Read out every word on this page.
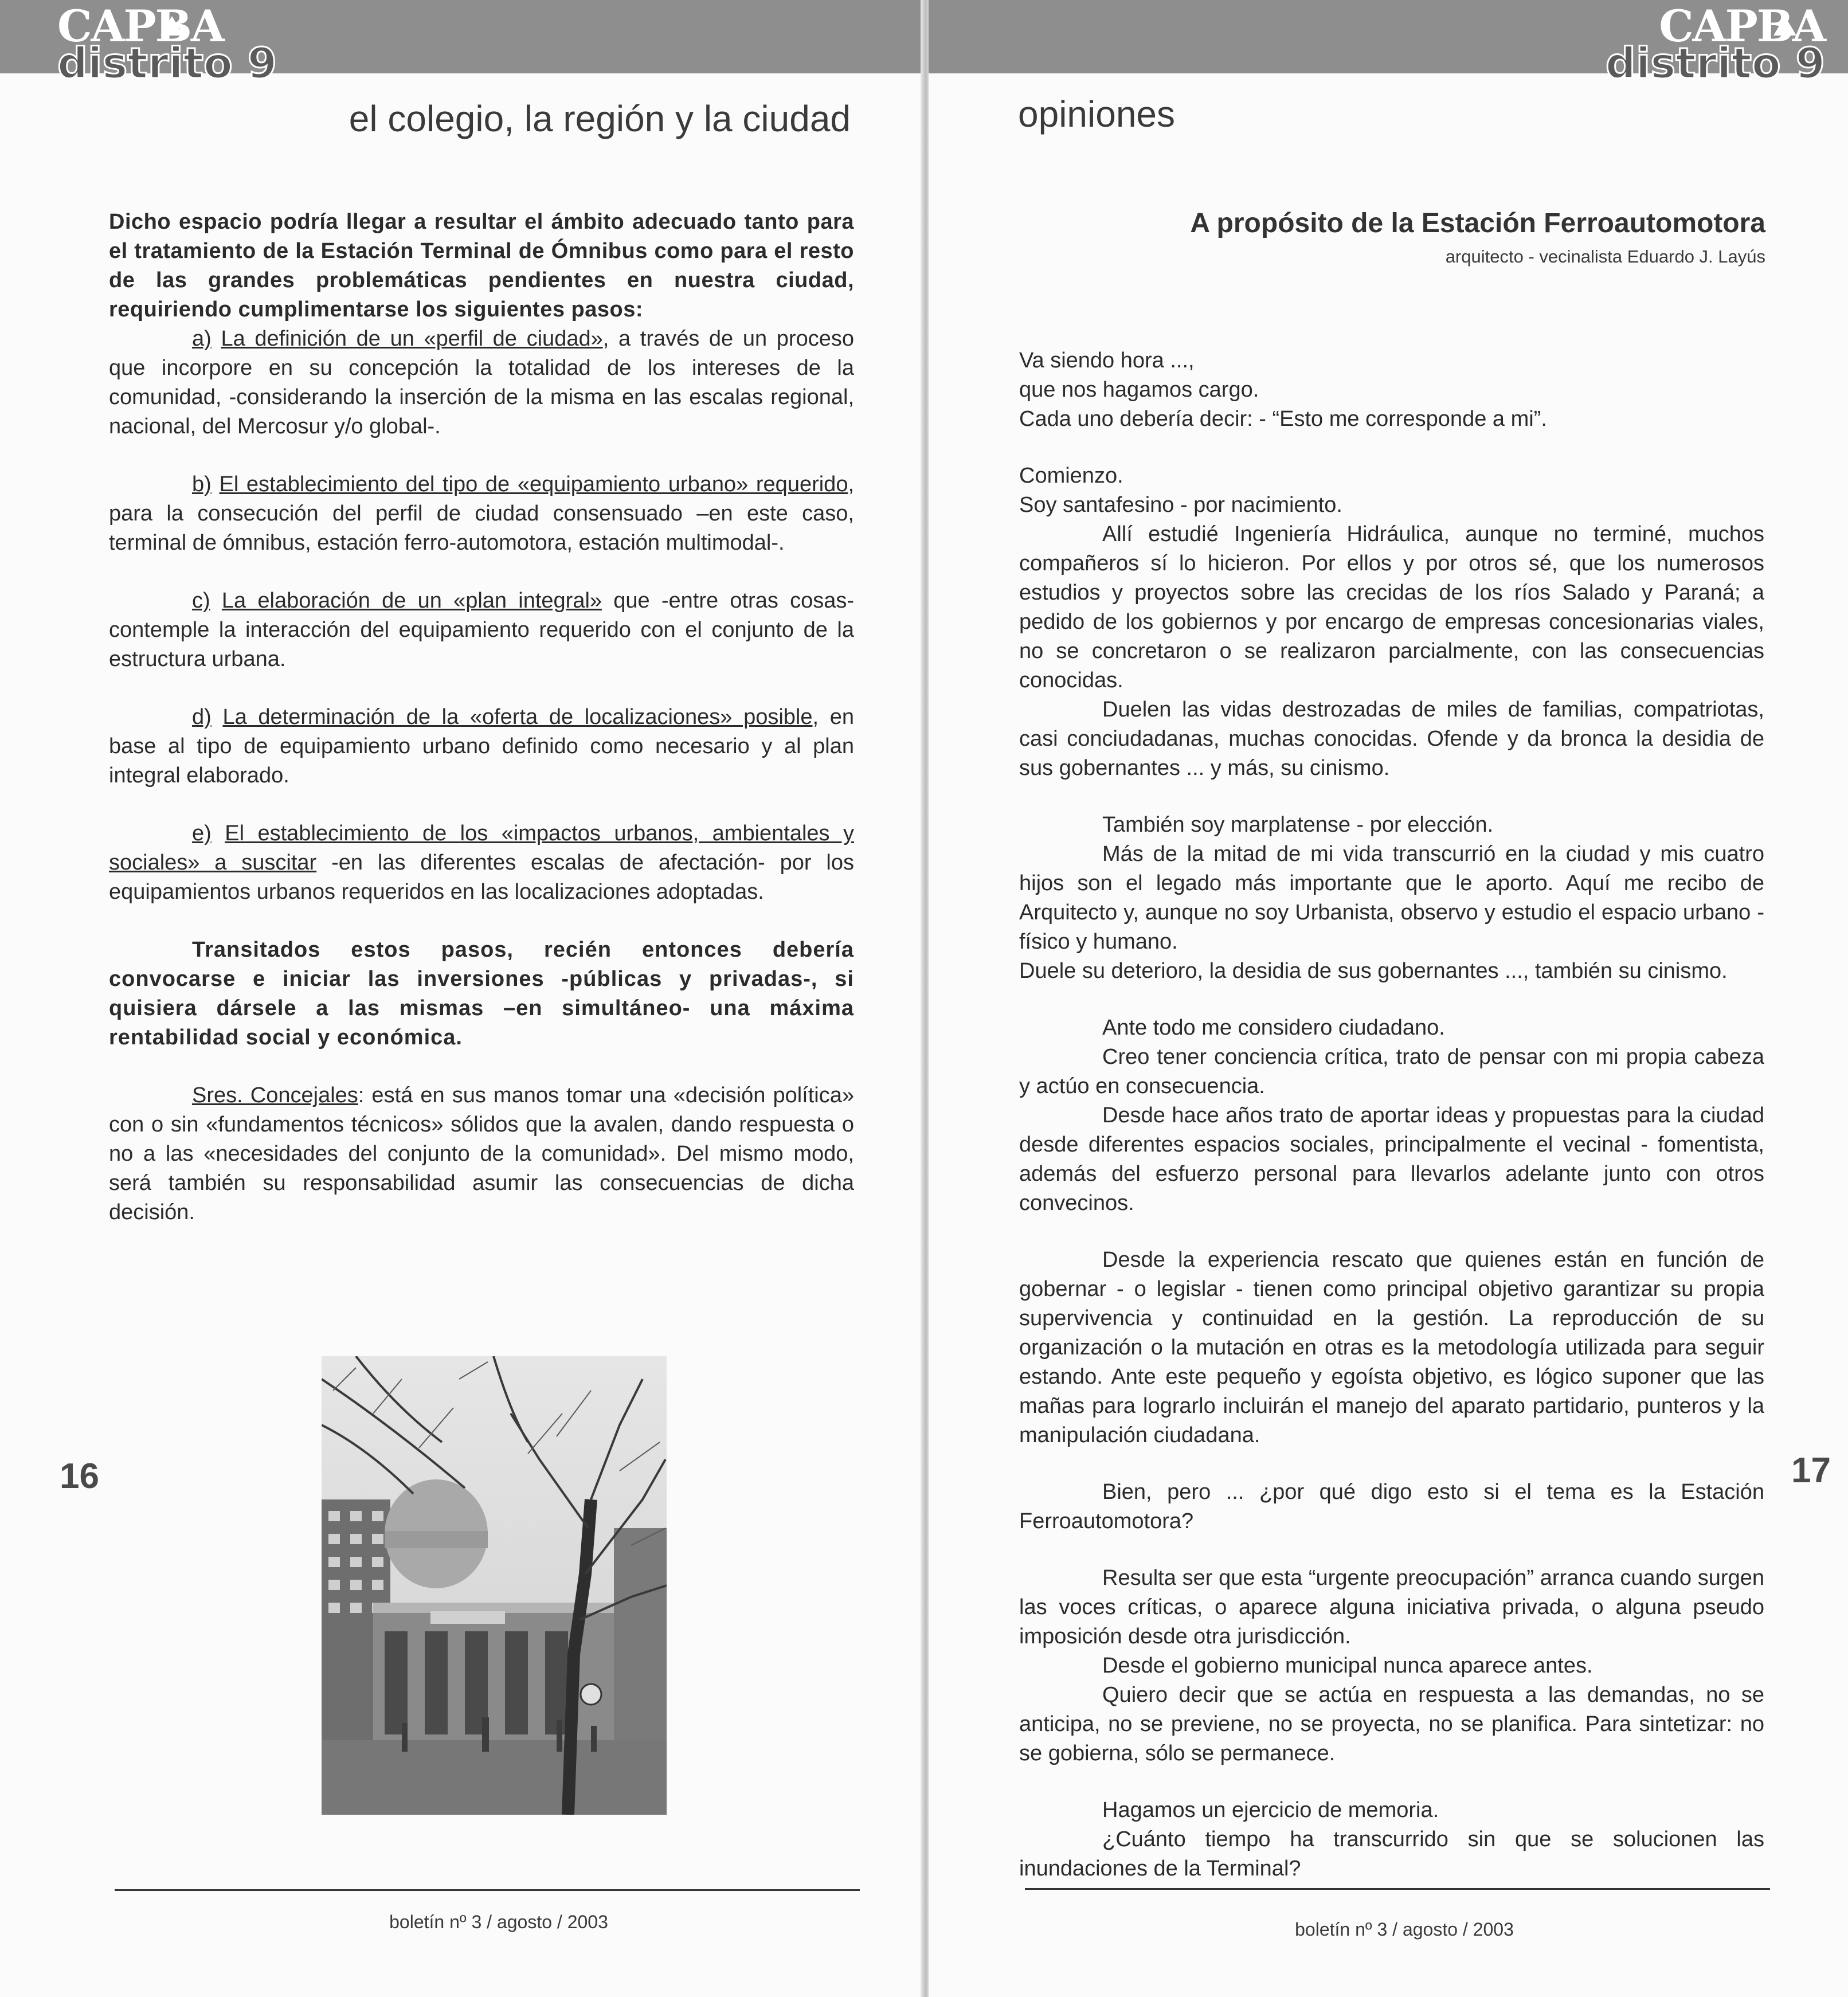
CAPBA
distrito 9
el colegio, la región y la ciudad

Dicho espacio podría llegar a resultar el ámbito adecuado tanto para el tratamiento de la Estación Terminal de Ómnibus como para el resto de las grandes problemáticas pendientes en nuestra ciudad, requiriendo cumplimentarse los siguientes pasos:

a) La definición de un «perfil de ciudad», a través de un proceso que incorpore en su concepción la totalidad de los intereses de la comunidad, -considerando la inserción de la misma en las escalas regional, nacional, del Mercosur y/o global-.

b) El establecimiento del tipo de «equipamiento urbano» requerido, para la consecución del perfil de ciudad consensuado –en este caso, terminal de ómnibus, estación ferro-automotora, estación multimodal-.

c) La elaboración de un «plan integral» que -entre otras cosas- contemple la interacción del equipamiento requerido con el conjunto de la estructura urbana.

d) La determinación de la «oferta de localizaciones» posible, en base al tipo de equipamiento urbano definido como necesario y al plan integral elaborado.

e) El establecimiento de los «impactos urbanos, ambientales y sociales» a suscitar -en las diferentes escalas de afectación- por los equipamientos urbanos requeridos en las localizaciones adoptadas.

Transitados estos pasos, recién entonces debería convocarse e iniciar las inversiones -públicas y privadas-, si quisiera dársele a las mismas –en simultáneo- una máxima rentabilidad social y económica.

Sres. Concejales: está en sus manos tomar una «decisión política» con o sin «fundamentos técnicos» sólidos que la avalen, dando respuesta o no a las «necesidades del conjunto de la comunidad». Del mismo modo, será también su responsabilidad asumir las consecuencias de dicha decisión.

16
boletín nº 3 / agosto / 2003
CAPBA
distrito 9
opiniones
A propósito de la Estación Ferroautomotora
arquitecto - vecinalista Eduardo J. Layús

Va siendo hora ...,

que nos hagamos cargo.

Cada uno debería decir: - “Esto me corresponde a mi”.

Comienzo.

Soy santafesino - por nacimiento.

Allí estudié Ingeniería Hidráulica, aunque no terminé, muchos compañeros sí lo hicieron. Por ellos y por otros sé, que los numerosos estudios y proyectos sobre las crecidas de los ríos Salado y Paraná; a pedido de los gobiernos y por encargo de empresas concesionarias viales, no se concretaron o se realizaron parcialmente, con las consecuencias conocidas.

Duelen las vidas destrozadas de miles de familias, compatriotas, casi conciudadanas, muchas conocidas. Ofende y da bronca la desidia de sus gobernantes ... y más, su cinismo.

También soy marplatense - por elección.

Más de la mitad de mi vida transcurrió en la ciudad y mis cuatro hijos son el legado más importante que le aporto. Aquí me recibo de Arquitecto y, aunque no soy Urbanista, observo y estudio el espacio urbano - físico y humano.

Duele su deterioro, la desidia de sus gobernantes ..., también su cinismo.

Ante todo me considero ciudadano.

Creo tener conciencia crítica, trato de pensar con mi propia cabeza y actúo en consecuencia.

Desde hace años trato de aportar ideas y propuestas para la ciudad desde diferentes espacios sociales, principalmente el vecinal - fomentista, además del esfuerzo personal para llevarlos adelante junto con otros convecinos.

Desde la experiencia rescato que quienes están en función de gobernar - o legislar - tienen como principal objetivo garantizar su propia supervivencia y continuidad en la gestión. La reproducción de su organización o la mutación en otras es la metodología utilizada para seguir estando. Ante este pequeño y egoísta objetivo, es lógico suponer que las mañas para lograrlo incluirán el manejo del aparato partidario, punteros y la manipulación ciudadana.

Bien, pero ... ¿por qué digo esto si el tema es la Estación Ferroautomotora?

Resulta ser que esta “urgente preocupación” arranca cuando surgen las voces críticas, o aparece alguna iniciativa privada, o alguna pseudo imposición desde otra jurisdicción.

Desde el gobierno municipal nunca aparece antes.

Quiero decir que se actúa en respuesta a las demandas, no se anticipa, no se previene, no se proyecta, no se planifica. Para sintetizar: no se gobierna, sólo se permanece.

Hagamos un ejercicio de memoria.

¿Cuánto tiempo ha transcurrido sin que se solucionen las inundaciones de la Terminal?

17
boletín nº 3 / agosto / 2003
